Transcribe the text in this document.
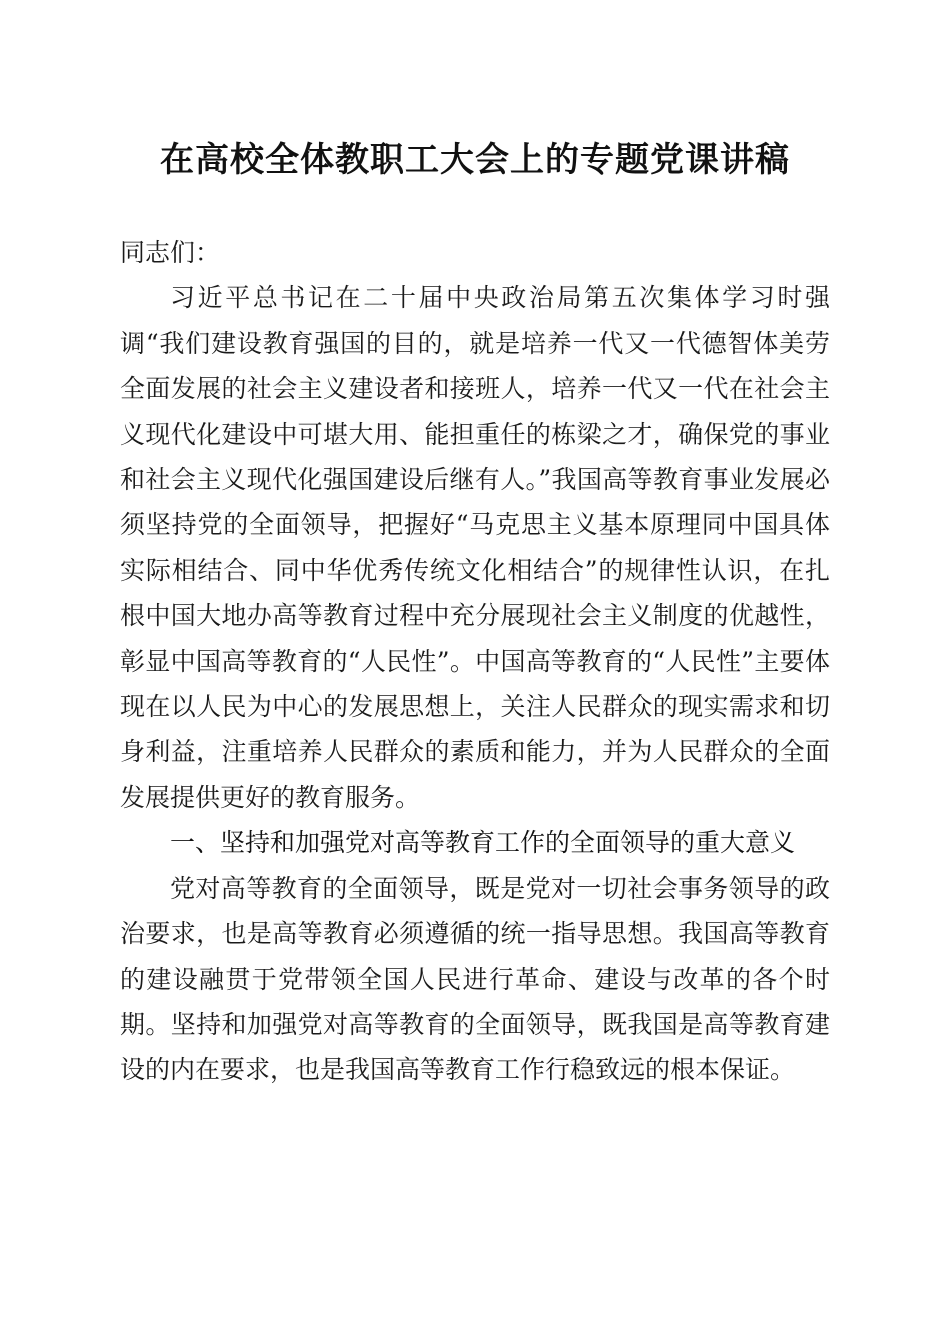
在高校全体教职工大会上的专题党课讲稿

同志们：

习近平总书记在二十届中央政治局第五次集体学习时强调“我们建设教育强国的目的，就是培养一代又一代德智体美劳全面发展的社会主义建设者和接班人，培养一代又一代在社会主义现代化建设中可堪大用、能担重任的栋梁之才，确保党的事业和社会主义现代化强国建设后继有人。”我国高等教育事业发展必须坚持党的全面领导，把握好“马克思主义基本原理同中国具体实际相结合、同中华优秀传统文化相结合”的规律性认识，在扎根中国大地办高等教育过程中充分展现社会主义制度的优越性，彰显中国高等教育的“人民性”。中国高等教育的“人民性”主要体现在以人民为中心的发展思想上，关注人民群众的现实需求和切身利益，注重培养人民群众的素质和能力，并为人民群众的全面发展提供更好的教育服务。

一、坚持和加强党对高等教育工作的全面领导的重大意义

党对高等教育的全面领导，既是党对一切社会事务领导的政治要求，也是高等教育必须遵循的统一指导思想。我国高等教育的建设融贯于党带领全国人民进行革命、建设与改革的各个时期。坚持和加强党对高等教育的全面领导，既我国是高等教育建设的内在要求，也是我国高等教育工作行稳致远的根本保证。
